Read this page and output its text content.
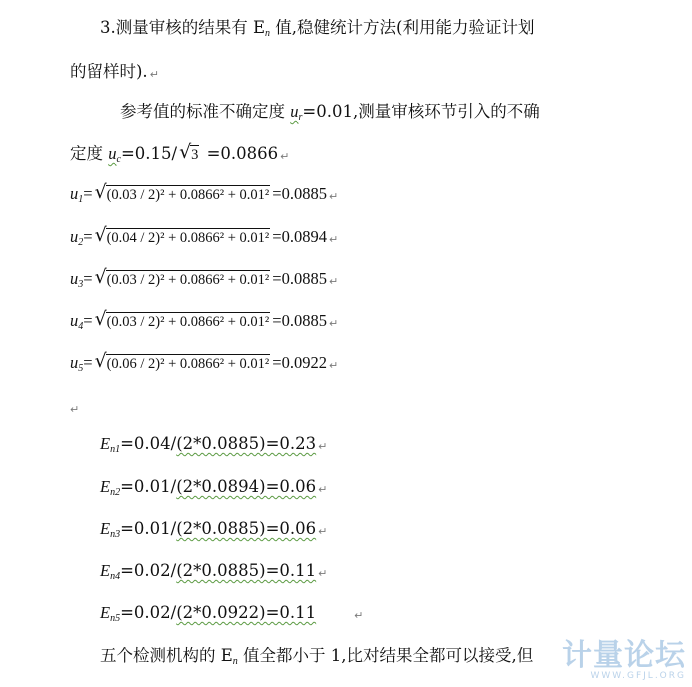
3.测量审核的结果有 $E_n$ 值,稳健统计方法(利用能力验证计划
的留样时). ↵
参考值的标准不确定度 $u_r=0.01$,测量审核环节引入的不确
定度 $u_c=0.15/$ √ 3 =0.0866 ↵
$u_1=$ √ (0.03 / 2)² + 0.0866² + 0.01² =0.0885 ↵
$u_2=$ √ (0.04 / 2)² + 0.0866² + 0.01² =0.0894 ↵
$u_3=$ √ (0.03 / 2)² + 0.0866² + 0.01² =0.0885 ↵
$u_4=$ √ (0.03 / 2)² + 0.0866² + 0.01² =0.0885 ↵
$u_5=$ √ (0.06 / 2)² + 0.0866² + 0.01² =0.0922 ↵
↵
$E_{n1}=0.04/(2*0.0885)=0.23$ ↵
$E_{n2}=0.01/(2*0.0894)=0.06$ ↵
$E_{n3}=0.01/(2*0.0885)=0.06$ ↵
$E_{n4}=0.02/(2*0.0885)=0.11$ ↵
$E_{n5}=0.02/(2*0.0922)=0.11$	↵
五个检测机构的 $E_n$ 值全都小于 1,比对结果全都可以接受,但 计量论坛
WWW.GFJL.ORG
